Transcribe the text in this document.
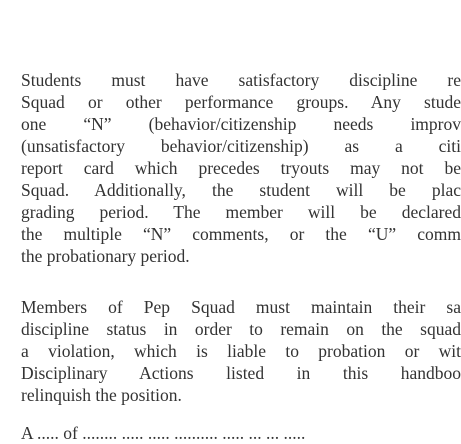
Students must have satisfactory discipline re
Squad or other performance groups. Any stude
one “N” (behavior/citizenship needs improv
(unsatisfactory behavior/citizenship) as a citi
report card which precedes tryouts may not be
Squad. Additionally, the student will be plac
grading period. The member will be declared
the multiple “N” comments, or the “U” comm
the probationary period.
Members of Pep Squad must maintain their sa
discipline status in order to remain on the squad
a violation, which is liable to probation or wit
Disciplinary Actions listed in this handboo
relinquish the position.
A ..... of ........ ..... ..... .......... ..... ... ... .....
